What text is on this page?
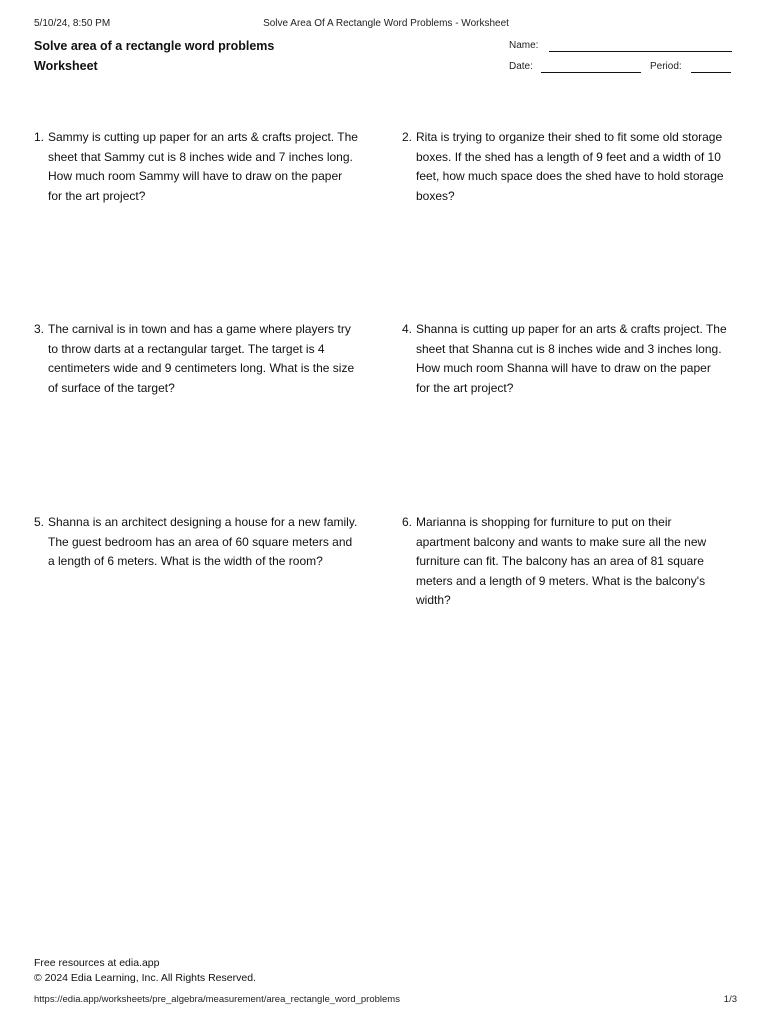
5/10/24, 8:50 PM	Solve Area Of A Rectangle Word Problems - Worksheet
Solve area of a rectangle word problems
Worksheet
Name:
Date:	Period:
1. Sammy is cutting up paper for an arts & crafts project. The sheet that Sammy cut is 8 inches wide and 7 inches long. How much room Sammy will have to draw on the paper for the art project?
2. Rita is trying to organize their shed to fit some old storage boxes. If the shed has a length of 9 feet and a width of 10 feet, how much space does the shed have to hold storage boxes?
3. The carnival is in town and has a game where players try to throw darts at a rectangular target. The target is 4 centimeters wide and 9 centimeters long. What is the size of surface of the target?
4. Shanna is cutting up paper for an arts & crafts project. The sheet that Shanna cut is 8 inches wide and 3 inches long. How much room Shanna will have to draw on the paper for the art project?
5. Shanna is an architect designing a house for a new family. The guest bedroom has an area of 60 square meters and a length of 6 meters. What is the width of the room?
6. Marianna is shopping for furniture to put on their apartment balcony and wants to make sure all the new furniture can fit. The balcony has an area of 81 square meters and a length of 9 meters. What is the balcony's width?
Free resources at edia.app
© 2024 Edia Learning, Inc. All Rights Reserved.
https://edia.app/worksheets/pre_algebra/measurement/area_rectangle_word_problems	1/3
